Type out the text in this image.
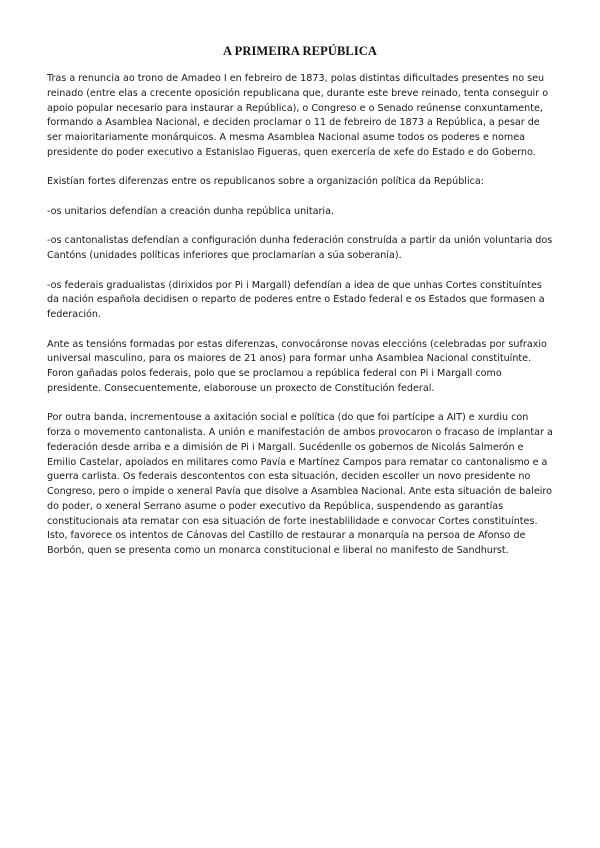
A PRIMEIRA REPÚBLICA

Tras a renuncia ao trono de Amadeo I en febreiro de 1873, polas distintas dificultades presentes no seu reinado (entre elas a crecente oposición republicana que, durante este breve reinado, tenta conseguir o apoio popular necesario para instaurar a República), o Congreso e o Senado reúnense conxuntamente, formando a Asamblea Nacional, e deciden proclamar o 11 de febreiro de 1873 a República, a pesar de ser maioritariamente monárquicos. A mesma Asamblea Nacional asume todos os poderes e nomea presidente do poder executivo a Estanislao Figueras, quen exercería de xefe do Estado e do Goberno.

Existían fortes diferenzas entre os republicanos sobre a organización política da República:

-os unitarios defendían a creación dunha república unitaria.

-os cantonalistas defendían a configuración dunha federación construída a partir da unión voluntaria dos Cantóns (unidades políticas inferiores que proclamarían a súa soberanía).

-os federais gradualistas (dirixidos por Pi i Margall) defendían a idea de que unhas Cortes constituíntes da nación española decidisen o reparto de poderes entre o Estado federal e os Estados que formasen a federación.

Ante as tensións formadas por estas diferenzas, convocáronse novas eleccións (celebradas por sufraxio universal masculino, para os maiores de 21 anos) para formar unha Asamblea Nacional constituínte. Foron gañadas polos federais, polo que se proclamou a república federal con Pi i Margall como presidente. Consecuentemente, elaborouse un proxecto de Constitución federal.

Por outra banda, incrementouse a axitación social e política (do que foi partícipe a AIT) e xurdiu con forza o movemento cantonalista. A unión e manifestación de ambos provocaron o fracaso de implantar a federación desde arriba e a dimisión de Pi i Margall. Sucédenlle os gobernos de Nicolás Salmerón e Emilio Castelar, apoiados en militares como Pavía e Martínez Campos para rematar co cantonalismo e a guerra carlista. Os federais descontentos con esta situación, deciden escoller un novo presidente no Congreso, pero o impide o xeneral Pavía que disolve a Asamblea Nacional. Ante esta situación de baleiro do poder, o xeneral Serrano asume o poder executivo da República, suspendendo as garantías constitucionais ata rematar con esa situación de forte inestablilidade e convocar Cortes constituíntes. Isto, favorece os intentos de Cánovas del Castillo de restaurar a monarquía na persoa de Afonso de Borbón, quen se presenta como un monarca constitucional e liberal no manifesto de Sandhurst.
